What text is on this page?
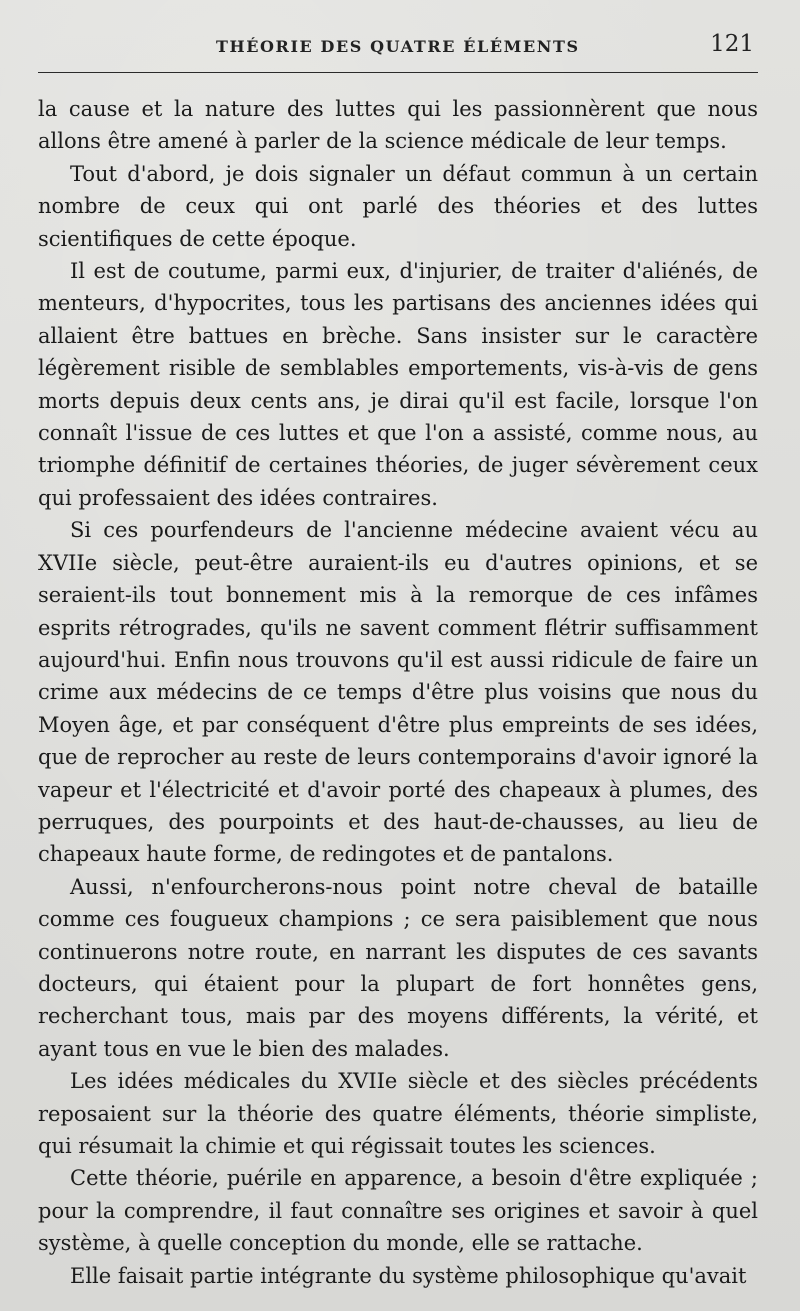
THÉORIE DES QUATRE ÉLÉMENTS	121

la cause et la nature des luttes qui les passionnèrent que nous allons être amené à parler de la science médicale de leur temps.

Tout d'abord, je dois signaler un défaut commun à un certain nombre de ceux qui ont parlé des théories et des luttes scientifiques de cette époque.

Il est de coutume, parmi eux, d'injurier, de traiter d'aliénés, de menteurs, d'hypocrites, tous les partisans des anciennes idées qui allaient être battues en brèche. Sans insister sur le caractère légèrement risible de semblables emportements, vis-à-vis de gens morts depuis deux cents ans, je dirai qu'il est facile, lorsque l'on connaît l'issue de ces luttes et que l'on a assisté, comme nous, au triomphe définitif de certaines théories, de juger sévèrement ceux qui professaient des idées contraires.

Si ces pourfendeurs de l'ancienne médecine avaient vécu au XVIIe siècle, peut-être auraient-ils eu d'autres opinions, et se seraient-ils tout bonnement mis à la remorque de ces infâmes esprits rétrogrades, qu'ils ne savent comment flétrir suffisamment aujourd'hui. Enfin nous trouvons qu'il est aussi ridicule de faire un crime aux médecins de ce temps d'être plus voisins que nous du Moyen âge, et par conséquent d'être plus empreints de ses idées, que de reprocher au reste de leurs contemporains d'avoir ignoré la vapeur et l'électricité et d'avoir porté des chapeaux à plumes, des perruques, des pourpoints et des haut-de-chausses, au lieu de chapeaux haute forme, de redingotes et de pantalons.

Aussi, n'enfourcherons-nous point notre cheval de bataille comme ces fougueux champions ; ce sera paisiblement que nous continuerons notre route, en narrant les disputes de ces savants docteurs, qui étaient pour la plupart de fort honnêtes gens, recherchant tous, mais par des moyens différents, la vérité, et ayant tous en vue le bien des malades.

Les idées médicales du XVIIe siècle et des siècles précédents reposaient sur la théorie des quatre éléments, théorie simpliste, qui résumait la chimie et qui régissait toutes les sciences.

Cette théorie, puérile en apparence, a besoin d'être expliquée ; pour la comprendre, il faut connaître ses origines et savoir à quel système, à quelle conception du monde, elle se rattache.

Elle faisait partie intégrante du système philosophique qu'avait
